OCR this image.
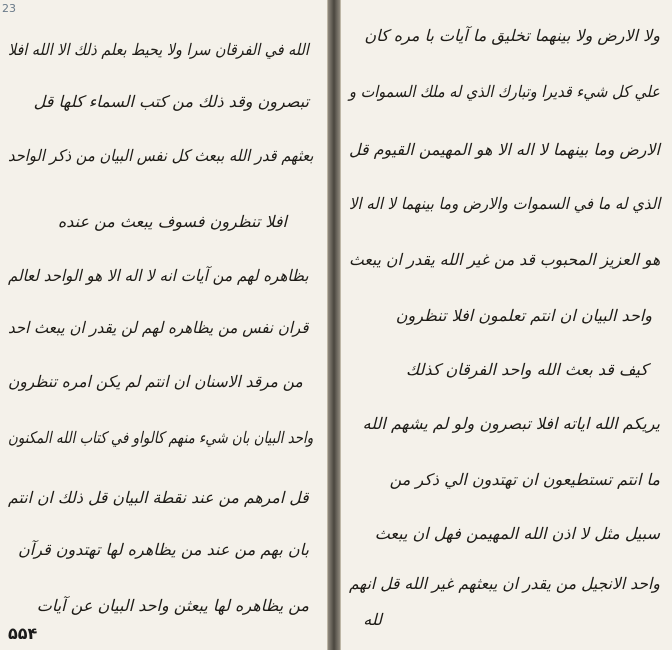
23
الله في الفرقان سرا ولا يحيط بعلم ذلك الا الله افلا
تبصرون وقد ذلك من كتب السماء كلها قل
بعثهم قدر الله ببعث كل نفس البيان من ذكر الواحد
افلا تنظرون فسوف يبعث من عنده
بظاهره لهم من آيات انه لا اله الا هو الواحد لعالم
قران نفس من يظاهره لهم لن يقدر ان يبعث احد
من مرقد الاسنان ان انتم لم يكن امره تنظرون
واحد البيان بان شيء منهم كالواو في كتاب الله المكنون
قل امرهم من عند نقطة البيان قل ذلك ان انتم
بان بهم من عند من يظاهره لها تهتدون قرآن
من يظاهره لها يبعثن واحد البيان عن آيات
ولا الارض ولا بينهما تخليق ما آيات با مره كان
علي كل شيء قديرا وتبارك الذي له ملك السموات و
الارض وما بينهما لا اله الا هو المهيمن القيوم قل
الذي له ما في السموات والارض وما بينهما لا اله الا
هو العزيز المحبوب قد من غير الله يقدر ان يبعث
واحد البيان ان انتم تعلمون افلا تنظرون
كيف قد بعث الله واحد الفرقان كذلك
يريكم الله اياته افلا تبصرون ولو لم يشهم الله
ما انتم تستطيعون ان تهتدون الي ذكر من
سبيل مثل لا اذن الله المهيمن فهل ان يبعث
واحد الانجيل من يقدر ان يبعثهم غير الله قل انهم
لله
۵۵۴
